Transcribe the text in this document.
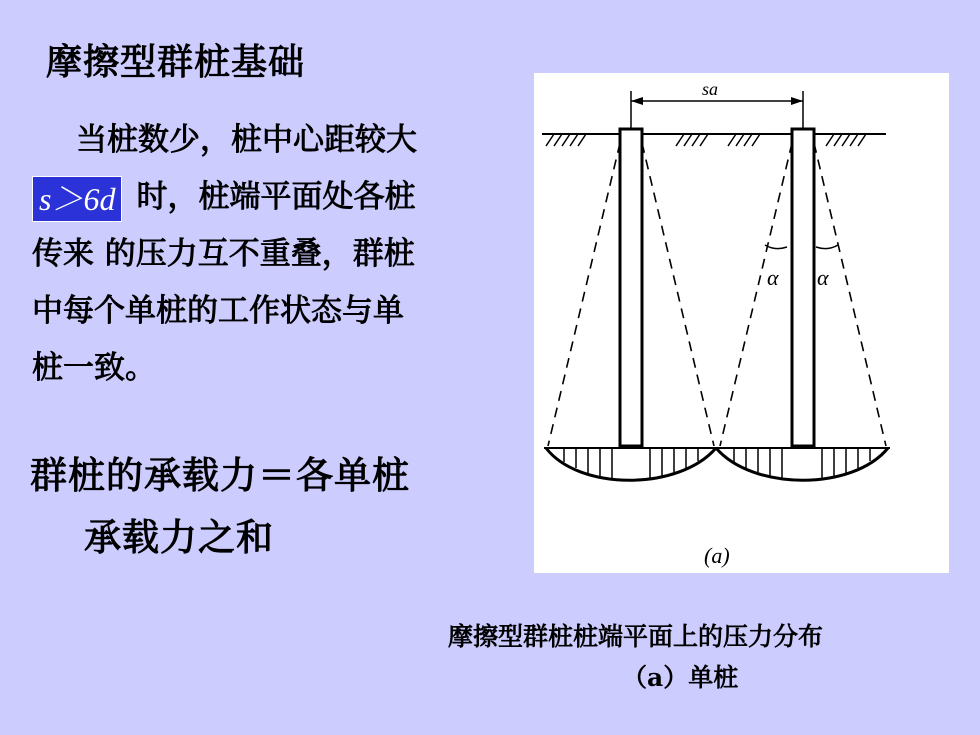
摩擦型群桩基础
当桩数少，桩中心距较大
s＞6d 时，桩端平面处各桩
传来 的压力互不重叠，群桩
中每个单桩的工作状态与单
桩一致。
群桩的承载力＝各单桩
承载力之和
sa
α α
(a)
摩擦型群桩桩端平面上的压力分布
（a）单桩
